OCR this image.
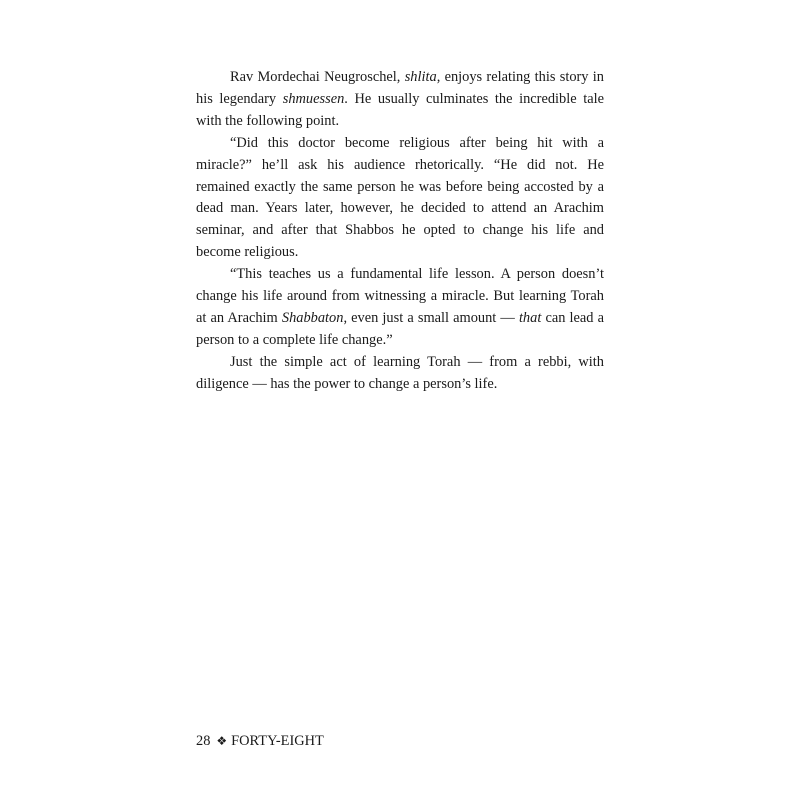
Rav Mordechai Neugroschel, shlita, enjoys relating this story in his legendary shmuessen. He usually culminates the incredible tale with the following point.

“Did this doctor become religious after being hit with a miracle?” he’ll ask his audience rhetorically. “He did not. He remained exactly the same person he was before being accosted by a dead man. Years later, however, he decided to attend an Arachim seminar, and after that Shabbos he opted to change his life and become religious.

“This teaches us a fundamental life lesson. A person doesn’t change his life around from witnessing a miracle. But learning Torah at an Arachim Shabbaton, even just a small amount — that can lead a person to a complete life change.”

Just the simple act of learning Torah — from a rebbi, with diligence — has the power to change a person’s life.

28 ❖ FORTY-EIGHT
